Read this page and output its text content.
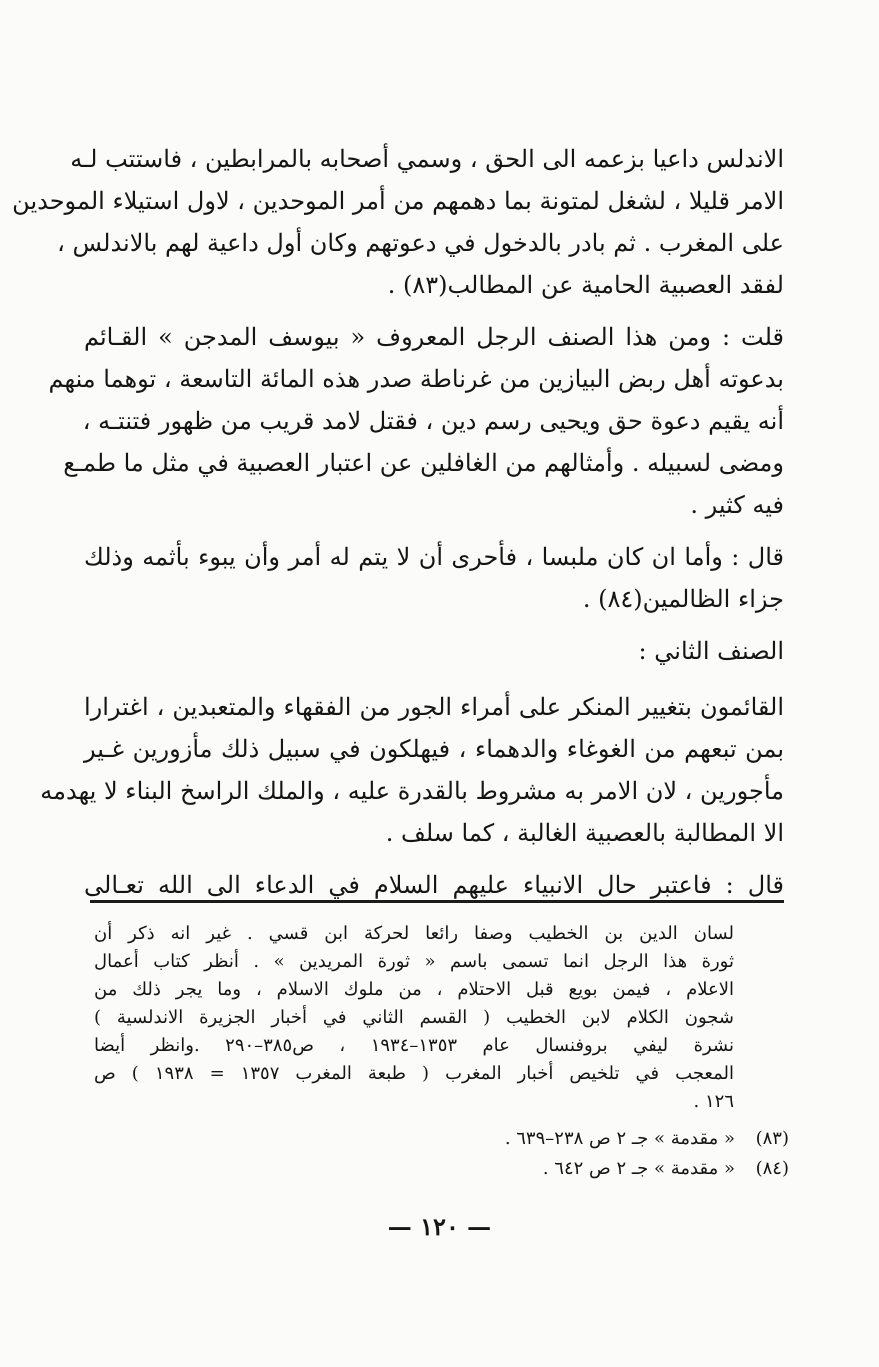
الاندلس داعيا بزعمه الى الحق ، وسمي أصحابه بالمرابطين ، فاستتب لـه
الامر قليلا ، لشغل لمتونة بما دهمهم من أمر الموحدين ، لاول استيلاء الموحدين
على المغرب . ثم بادر بالدخول في دعوتهم وكان أول داعية لهم بالاندلس ،
لفقد العصبية الحامية عن المطالب(٨٣) .

قلت : ومن هذا الصنف الرجل المعروف « بيوسف المدجن » القـائم
بدعوته أهل ربض البيازين من غرناطة صدر هذه المائة التاسعة ، توهما منهم
أنه يقيم دعوة حق ويحيى رسم دين ، فقتل لامد قريب من ظهور فتنتـه ،
ومضى لسبيله . وأمثالهم من الغافلين عن اعتبار العصبية في مثل ما طمـع
فيه كثير .

قال : وأما ان كان ملبسا ، فأحرى أن لا يتم له أمر وأن يبوء بأثمه وذلك
جزاء الظالمين(٨٤) .

الصنف الثاني :

القائمون بتغيير المنكر على أمراء الجور من الفقهاء والمتعبدين ، اغترارا
بمن تبعهم من الغوغاء والدهماء ، فيهلكون في سبيل ذلك مأزورين غـير
مأجورين ، لان الامر به مشروط بالقدرة عليه ، والملك الراسخ البناء لا يهدمه
الا المطالبة بالعصبية الغالبة ، كما سلف .

قال : فاعتبر حال الانبياء عليهم السلام في الدعاء الى الله تعـالى

لسان الدين بن الخطيب وصفا رائعا لحركة ابن قسي . غير انه ذكر أن
ثورة هذا الرجل انما تسمى باسم « ثورة المريدين » . أنظر كتاب أعمال
الاعلام ، فيمن بويع قبل الاحتلام ، من ملوك الاسلام ، وما يجر ذلك من
شجون الكلام لابن الخطيب ( القسم الثاني في أخبار الجزيرة الاندلسية )
نشرة ليفي بروفنسال عام ١٣٥٣–١٩٣٤ ، ص٣٨٥–٢٩٠ .وانظر أيضا
المعجب في تلخيص أخبار المغرب ( طبعة المغرب ١٣٥٧ = ١٩٣٨ ) ص
١٢٦ .
(٨٣)
« مقدمة » جـ ٢ ص ٢٣٨–٦٣٩ .
(٨٤)
« مقدمة » جـ ٢ ص ٦٤٢ .
— ١٢٠ —
